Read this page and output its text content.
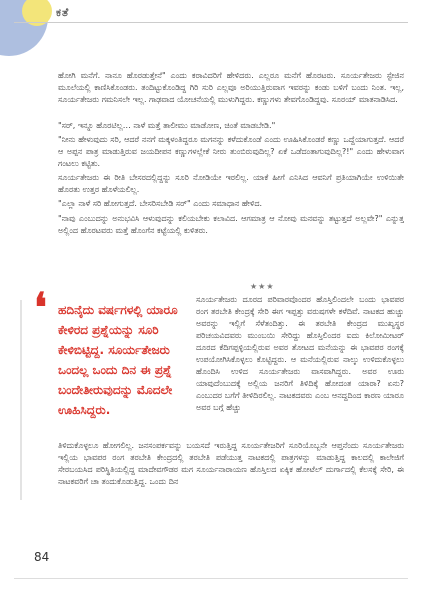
ಕತೆ

ಹೋಗಿ ಮನೆಗೆ. ನಾನೂ ಹೊರಡುತ್ತೇನೆ" ಎಂದು ಕರಾವಿದರಿಗೆ ಹೇಳಿದರು. ಎಲ್ಲರೂ ಮನೆಗೆ ಹೊರಟರು. ಸೂರ್ಯತೇಜರು ಸ್ಟೇಜಿನ ಮೂಲೆಯಲ್ಲಿ ಕಾಣಿಸಿಕೊಂಡರು. ತಂದಿಟ್ಟುಕೊಂಡಿದ್ದ ಗಿರಿ ಸುರಿ ಎಲ್ಲವೂ ಅರಿಯುತ್ತಿರುವಾಗ ಇವರನ್ನು ಕಂಡು ಬಳಿಗೆ ಬಂದು ನಿಂತ. ಇಲ್ಲ, ಸೂರ್ಯತೇಜರು ಗಮನಿಸಲೇ ಇಲ್ಲ. ಗಾಢವಾದ ಯೋಚನೆಯಲ್ಲಿ ಮುಳುಗಿದ್ದರು. ಕಣ್ಣುಗಳು ತೇವಗೊಂಡಿದ್ದವು. ಸೂರಯ್ ಮಾತನಾಡಿಸಿದ.

"ಸರ್, ಇನ್ನೂ ಹೊರಟಿಲ್ಲ… ನಾಳೆ ಮತ್ತೆ ತಾಲೀಮು ಮಾಡೋಣ, ಚಿಂತೆ ಮಾಡಬೇಡಿ."

"ನೀನು ಹೇಳುವುದು ಸರಿ, ಆದರೆ ನನಗೆ ಮಕ್ಕಳಂತಿದ್ದರೂ ಮಗನನ್ನು ಕಳೆದುಕೊಂಡೆ ಎಂದು ಊಹಿಸಿಕೊಂಡರೆ ಕಣ್ಣು ಒದ್ದೆಯಾಗುತ್ತದೆ. ಆದರೆ ಆ ಅಪ್ಪನ ಪಾತ್ರ ಮಾಡುತ್ತಿರುವ ಜಯದೀಪನ ಕಣ್ಣುಗಳಲ್ಲೇಕೆ ನೀರು ತುಂಬಿರುವುದಿಲ್ಲ? ಏಕೆ ಒಡೆದಂತಾಗುವುದಿಲ್ಲ?!" ಎಂದು ಹೇಳುವಾಗ ಗಂಟಲು ಕಟ್ಟಿತು.

ಸೂರ್ಯತೇಜರು ಈ ರೀತಿ ಬೇಸರದಲ್ಲಿದ್ದನ್ನು ಸೂರಿ ನೋಡಿಯೇ ಇರಲಿಲ್ಲ. ಯಾಕೆ ಹೀಗೆ ಎನಿಸಿದ ಆವನಿಗೆ ಪ್ರತಿಯಾಗಿಯೇ ಉಳಿಯಿತೇ ಹೊರತು ಉತ್ತರ ಹೊಳೆಯಲಿಲ್ಲ.

"ಎಲ್ಲಾ ನಾಳೆ ಸರಿ ಹೋಗುತ್ತದೆ. ಬೇಸರಿಸಬೇಡಿ ಸರ್" ಎಂದು ಸಮಾಧಾನ ಹೇಳಿದ.

"ನಾವು ಎಂಬುದನ್ನು ಅನುಭವಿಸಿ ಆಳುವುದನ್ನು ಕಲಿಯಬೇಕು ಕಲಾವಿದ. ಆಗಮಾತ್ರ ಆ ನೋವು ಮನವನ್ನು ತಟ್ಟುತ್ತದೆ ಅಲ್ಲವೇ?" ಎನ್ನುತ್ತ ಅಲ್ಲಿಂದ ಹೊರಟವರು ಮತ್ತೆ ಹೊಂಗೆನ ಕಟ್ಟೆಯಲ್ಲಿ ಕುಳಿತರು.

★★★
❛ ಹದಿನೈದು ವರ್ಷಗಳಲ್ಲಿ ಯಾರೂ ಕೇಳಿರದ ಪ್ರಶ್ನೆಯನ್ನು ಸೂರಿ ಕೇಳಿಬಿಟ್ಟಿದ್ದ. ಸೂರ್ಯತೇಜರು ಒಂದಲ್ಲ ಒಂದು ದಿನ ಈ ಪ್ರಶ್ನೆ ಬಂದೇತೀರುವುದನ್ನು ಮೊದಲೇ ಊಹಿಸಿದ್ದರು.

ಸೂರ್ಯತೇಜರು ದೂರದ ಪರಿವಾರವೊಂದರ ಹೊಸ್ತಿಲಿಂದಲೇ ಬಂದು ಭಾವಪರ ರಂಗ ತರಬೇತಿ ಕೇಂದ್ರಕ್ಕೆ ಸೇರಿ ಈಗ ಇಪ್ಪತ್ತು ವರುಷಗಳೇ ಕಳೆದಿವೆ. ನಾಟಕದ ಹುಚ್ಚು ಅವರನ್ನು ಇಲ್ಲಿಗೆ ಸೆಳೆತಂದಿತ್ತು. ಈ ತರಬೇತಿ ಕೇಂದ್ರದ ಮುಖ್ಯಸ್ಥರ ಪರಿಚಯವಿದವರು ಮುಂಬಯಿ ಸೇರಿದ್ದು ಹೊಸ್ತಿಲಿಂದರ ಐದು ಕಿಲೋಮೀಟರ್ ದೂರದ ಕೆದಿಗಪ್ಪಳ್ಳಿಯಲ್ಲಿರುವ ಅವರ ತೋಟದ ಮನೆಯನ್ನು ಈ ಭಾವಪರ ರಂಗಕ್ಕೆ ಉಪಯೋಗಿಸಿಕೊಳ್ಳಲು ಕೊಟ್ಟಿದ್ದರು. ಆ ಮನೆಯಲ್ಲಿರುವ ನಾಲ್ಕು ಉಳಿದುಕೊಳ್ಳಲು ಹೊಂದಿಸಿ ಉಳಿದ ಸೂರ್ಯತೇಜರು ವಾಸವಾಗಿದ್ದರು. ಅವರ ಊರು ಯಾವುದೆಂಬುದಕ್ಕೆ ಅಲ್ಲಿಯ ಜನರಿಗೆ ತಿಳಿದಿಕ್ಕೆ ಹೋದಂತ ಯಾರಾ? ಏನು? ಎಂಬುದರ ಬಗೆಗೆ ತೀಳಿದಿರಲಿಲ್ಲ. ನಾಟಕದವರು ಎಂಬ ಆನದ್ದದಿಂದ ಕಾರಣ ಯಾರೂ ಅವರ ಬಗ್ಗೆ ಹೆಚ್ಚು

ತಿಳಿದುಕೊಳ್ಳಲೂ ಹೋಗಲಿಲ್ಲ. ಜನಸಂಪರ್ಕವನ್ನು ಬಯಸದೆ ಇರುತ್ತಿದ್ದ ಸೂರ್ಯತೇಜರಿಗೆ ಸೂರಿಯೊಬ್ಬನೇ ಆಪ್ತನೆಂದು ಸೂರ್ಯತೇಜರು ಇಲ್ಲಿಯ ಭಾವಪರ ರಂಗ ತರಬೇತಿ ಕೇಂದ್ರದಲ್ಲಿ ತರಬೇತಿ ಪಡೆಯುತ್ತ ನಾಟಕದಲ್ಲಿ ಪಾತ್ರಗಳನ್ನು ಮಾಡುತ್ತಿದ್ದ ಕಾಲದಲ್ಲಿ ಕಾಲೇಜಿಗೆ ಸೇರಬಯಸಿದ ಪರಿಸ್ಥಿತಿಯಲ್ಲಿದ್ದ ಮಾದೇವಗೌಡರ ಮಗ ಸೂರ್ಯನಾರಾಯಣ ಹೊಸ್ತಿಲದ ಏಕ್ಕಿಕ ಹೋಟೆಲ್ ದುರ್ಗಾದಲ್ಲಿ ಕೆಲಸಕ್ಕೆ ಸೇರಿ, ಈ ನಾಟಕವರಿಗೆ ಚಾ ತಂದುಕೊಡುತ್ತಿದ್ದ. ಒಂದು ದಿನ

84
